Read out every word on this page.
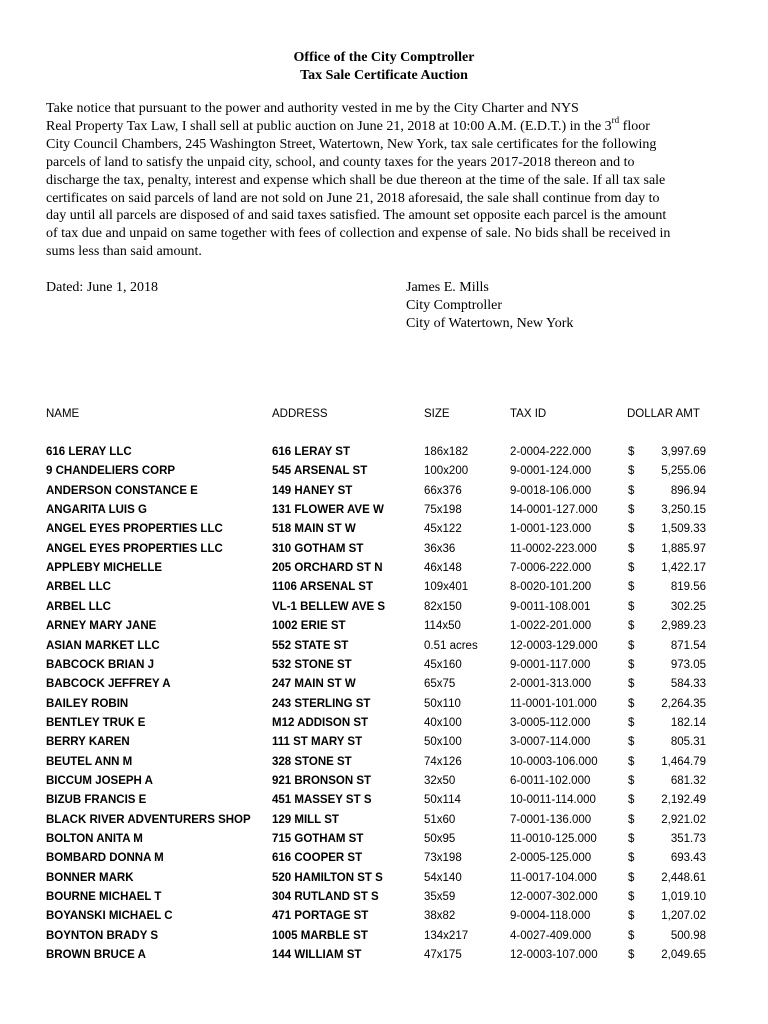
Office of the City Comptroller
Tax Sale Certificate Auction
Take notice that pursuant to the power and authority vested in me by the City Charter and NYS
Real Property Tax Law, I shall sell at public auction on June 21, 2018 at 10:00 A.M. (E.D.T.) in the 3rd floor
City Council Chambers, 245 Washington Street, Watertown, New York, tax sale certificates for the following
parcels of land to satisfy the unpaid city, school, and county taxes for the years 2017-2018 thereon and to
discharge the tax, penalty, interest and expense which shall be due thereon at the time of the sale. If all tax sale
certificates on said parcels of land are not sold on June 21, 2018 aforesaid, the sale shall continue from day to
day until all parcels are disposed of and said taxes satisfied. The amount set opposite each parcel is the amount
of tax due and unpaid on same together with fees of collection and expense of sale. No bids shall be received in
sums less than said amount.
Dated: June 1, 2018	James E. Mills
City Comptroller
City of Watertown, New York
NAME	ADDRESS	SIZE	TAX ID	DOLLAR AMT
616 LERAY LLC	616 LERAY ST	186x182	2-0004-222.000	$	3,997.69
9 CHANDELIERS CORP	545 ARSENAL ST	100x200	9-0001-124.000	$	5,255.06
ANDERSON CONSTANCE E	149 HANEY ST	66x376	9-0018-106.000	$	896.94
ANGARITA LUIS G	131 FLOWER AVE W	75x198	14-0001-127.000	$	3,250.15
ANGEL EYES PROPERTIES LLC	518 MAIN ST W	45x122	1-0001-123.000	$	1,509.33
ANGEL EYES PROPERTIES LLC	310 GOTHAM ST	36x36	11-0002-223.000	$	1,885.97
APPLEBY MICHELLE	205 ORCHARD ST N	46x148	7-0006-222.000	$	1,422.17
ARBEL LLC	1106 ARSENAL ST	109x401	8-0020-101.200	$	819.56
ARBEL LLC	VL-1 BELLEW AVE S	82x150	9-0011-108.001	$	302.25
ARNEY MARY JANE	1002 ERIE ST	114x50	1-0022-201.000	$	2,989.23
ASIAN MARKET LLC	552 STATE ST	0.51 acres	12-0003-129.000	$	871.54
BABCOCK BRIAN J	532 STONE ST	45x160	9-0001-117.000	$	973.05
BABCOCK JEFFREY A	247 MAIN ST W	65x75	2-0001-313.000	$	584.33
BAILEY ROBIN	243 STERLING ST	50x110	11-0001-101.000	$	2,264.35
BENTLEY TRUK E	M12 ADDISON ST	40x100	3-0005-112.000	$	182.14
BERRY KAREN	111 ST MARY ST	50x100	3-0007-114.000	$	805.31
BEUTEL ANN M	328 STONE ST	74x126	10-0003-106.000	$	1,464.79
BICCUM JOSEPH A	921 BRONSON ST	32x50	6-0011-102.000	$	681.32
BIZUB FRANCIS E	451 MASSEY ST S	50x114	10-0011-114.000	$	2,192.49
BLACK RIVER ADVENTURERS SHOP 129 MILL ST	51x60	7-0001-136.000	$	2,921.02
BOLTON ANITA M	715 GOTHAM ST	50x95	11-0010-125.000	$	351.73
BOMBARD DONNA M	616 COOPER ST	73x198	2-0005-125.000	$	693.43
BONNER MARK	520 HAMILTON ST S	54x140	11-0017-104.000	$	2,448.61
BOURNE MICHAEL T	304 RUTLAND ST S	35x59	12-0007-302.000	$	1,019.10
BOYANSKI MICHAEL C	471 PORTAGE ST	38x82	9-0004-118.000	$	1,207.02
BOYNTON BRADY S	1005 MARBLE ST	134x217	4-0027-409.000	$	500.98
BROWN BRUCE A	144 WILLIAM ST	47x175	12-0003-107.000	$	2,049.65
